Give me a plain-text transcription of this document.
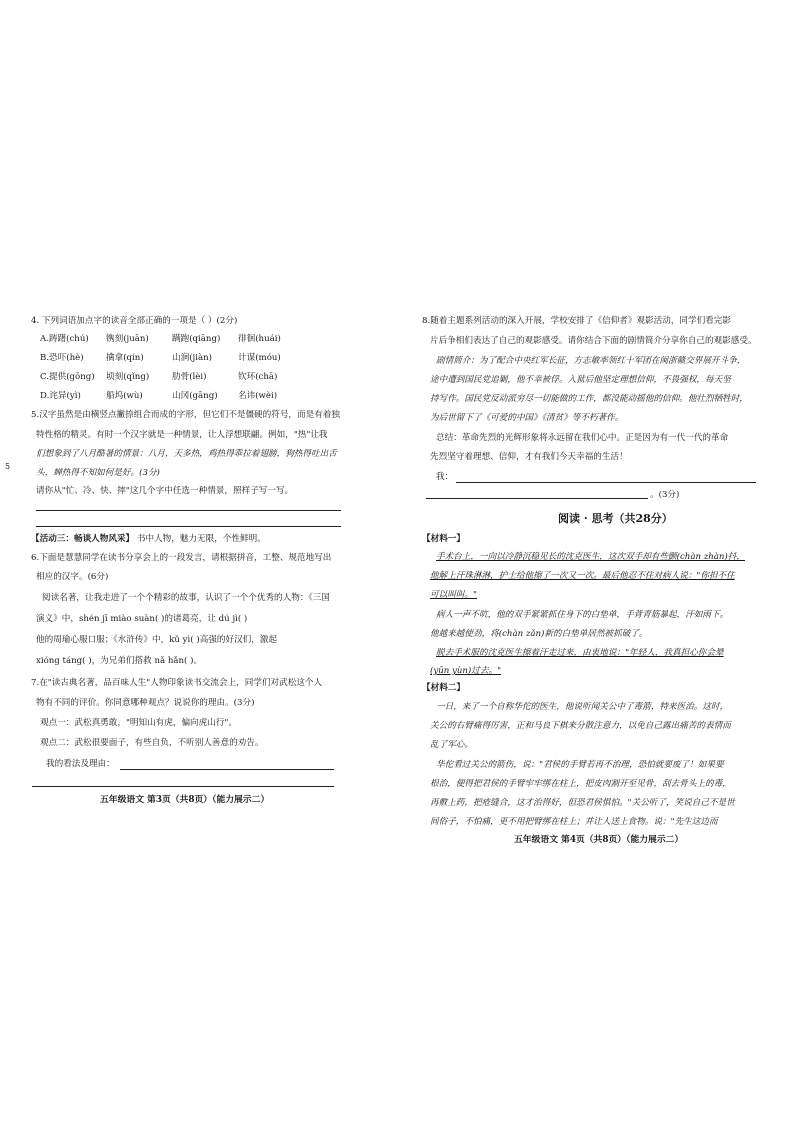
4. 下列词语加点字的读音全部正确的一项是（ ）(2分)
A.踌躇(chú) 镌刻(juān)	蹒跑(qiāng) 徘徊(huái)
B.恐吓(hè)	擒拿(qín)	山涧(jiàn)	计谋(móu)
C.提供(gōng) 顷刻(qǐng)	肋骨(lèi)	钦环(chā)
D.诧异(yì)	船坞(wù)	山冈(gāng) 名讳(wèi)
5.汉字虽然是由横竖点撇捺组合而成的字形，但它们不是僵硬的符号，而是有着独
特性格的精灵。有时一个汉字就是一种情景，让人浮想联翩。例如，"热"让我
们想象到了八月酷暑的情景：八月，天多热，鸡热得乖拉着翅膀，狗热得吐出舌
头，蝉热得不知如何是好。(3分)
请你从"忙、冷、快、摔"这几个字中任选一种情景，照样子写一写。
【活动三：畅谈人物风采】 书中人物，魅力无限，个性鲜明。
6.下面是慧慧同学在读书分享会上的一段发言，请根据拼音，工整、规范地写出
相应的汉字。(6分)
阅读名著，让我走进了一个个精彩的故事，认识了一个个优秀的人物：《三国
演义》中，shén jī miào suàn( )的诸葛亮，让 dú jì( )
他的周瑜心服口服；《水浒传》中，kǔ yì( )高强的好汉们，激起
xióng táng( )，为兄弟们搭救 nǎ hǎn( )。
7.在"读古典名著，品百味人生"人物印象读书交流会上，同学们对武松这个人
物有不同的评价。你同意哪种观点？说说你的理由。(3分)
观点一：武松真勇敢，"明知山有虎，偏向虎山行"。
观点二：武松很要面子，有些自负，不听别人善意的劝告。
我的看法及理由：
五年级语文 第3页（共8页）（能力展示二）
5
8.随着主题系列活动的深入开展，学校安排了《信仰者》观影活动，同学们看完影
片后争相们表达了自己的观影感受。请你结合下面的剧情简介分享你自己的观影感受。
剧情简介：为了配合中央红军长征，方志敏率领红十军团在闽浙赣交界展开斗争，
途中遭到国民党追剿，他不幸被俘。入狱后他坚定理想信仰，不畏强权，每天坚
持写作。国民党反动派穷尽一切能做的工作，都没能动摇他的信仰。他壮烈牺牲时，
为后世留下了《可爱的中国》《清贫》等不朽著作。
总结：革命先烈的光辉形象将永远留在我们心中。正是因为有一代一代的革命
先烈坚守着理想、信仰，才有我们今天幸福的生活！
我：
。(3分)
阅读 · 思考（共28分）
【材料一】
手术台上，一向以冷静沉稳见长的沈克医生，这次双手却有些颤(chàn zhàn)抖，
他解上汗珠淋淋，护士给他擦了一次又一次。最后他忍不住对病人说："你担不住
可以叫叫。"
病人一声不吭，他的双手紧紧抓住身下的白垫单，手背青筋暴起，汗如雨下。
他越来越使劲，将(chàn zǎn)新的白垫单居然被抓破了。
脱去手术服的沈克医生擦着汗走过来，由衷地说："年轻人，我真担心你会晕
(yūn yùn)过去。"
【材料二】
一日，来了一个自称华佗的医生，他说听闻关公中了毒箭，特来医治。这时，
关公的右臂痛得厉害，正和马良下棋来分散注意力，以免自己露出痛苦的表情而
乱了军心。
华佗看过关公的箭伤，说："君侯的手臂若再不治理，恐怕就要废了！如果要
根治，便得把君侯的手臂牢牢绑在柱上，把皮肉割开至见骨，刮去骨头上的毒，
再敷上药，把疮缝合，这才治得好，但恐君侯惧怕。"关公听了，笑说自己不是世
间俗子，不怕痛，更不用把臂绑在柱上；并让人送上食物。说："先生这边而
五年级语文 第4页（共8页）（能力展示二）
